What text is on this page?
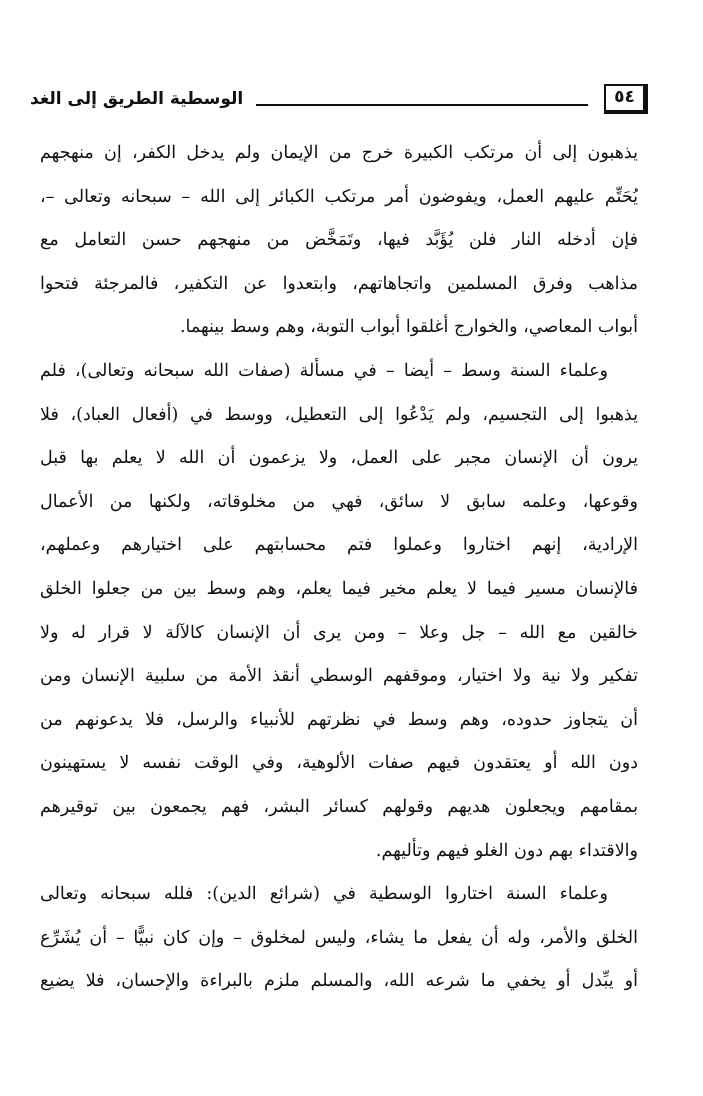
الوسطية الطريق إلى الغد	٥٤
يذهبون إلى أن مرتكب الكبيرة خرج من الإيمان ولم يدخل الكفر، إن منهجهم
يُحَتِّم عليهم العمل، ويفوضون أمر مرتكب الكبائر إلى الله – سبحانه وتعالى –،
فإن أدخله النار فلن يُؤَبَّد فيها، وتَمَخَّض من منهجهم حسن التعامل مع
مذاهب وفرق المسلمين واتجاهاتهم، وابتعدوا عن التكفير، فالمرجئة فتحوا
أبواب المعاصي، والخوارج أغلقوا أبواب التوبة، وهم وسط بينهما.
وعلماء السنة وسط – أيضا – في مسألة (صفات الله سبحانه وتعالى)، فلم
يذهبوا إلى التجسيم، ولم يَدْعُوا إلى التعطيل، ووسط في (أفعال العباد)، فلا
يرون أن الإنسان مجبر على العمل، ولا يزعمون أن الله لا يعلم بها قبل
وقوعها، وعلمه سابق لا سائق، فهي من مخلوقاته، ولكنها من الأعمال
الإرادية، إنهم اختاروا وعملوا فتم محسابتهم على اختيارهم وعملهم،
فالإنسان مسير فيما لا يعلم مخير فيما يعلم، وهم وسط بين من جعلوا الخلق
خالقين مع الله – جل وعلا – ومن يرى أن الإنسان كالآلة لا قرار له ولا
تفكير ولا نية ولا اختيار، وموقفهم الوسطي أنقذ الأمة من سلبية الإنسان ومن
أن يتجاوز حدوده، وهم وسط في نظرتهم للأنبياء والرسل، فلا يدعونهم من
دون الله أو يعتقدون فيهم صفات الألوهية، وفي الوقت نفسه لا يستهينون
بمقامهم ويجعلون هديهم وقولهم كسائر البشر، فهم يجمعون بين توقيرهم
والاقتداء بهم دون الغلو فيهم وتأليهم.
وعلماء السنة اختاروا الوسطية في (شرائع الدين): فلله سبحانه وتعالى
الخلق والأمر، وله أن يفعل ما يشاء، وليس لمخلوق – وإن كان نبيًّا – أن يُشَرِّع
أو يبِّدل أو يخفي ما شرعه الله، والمسلم ملزم بالبراءة والإحسان، فلا يضيع
